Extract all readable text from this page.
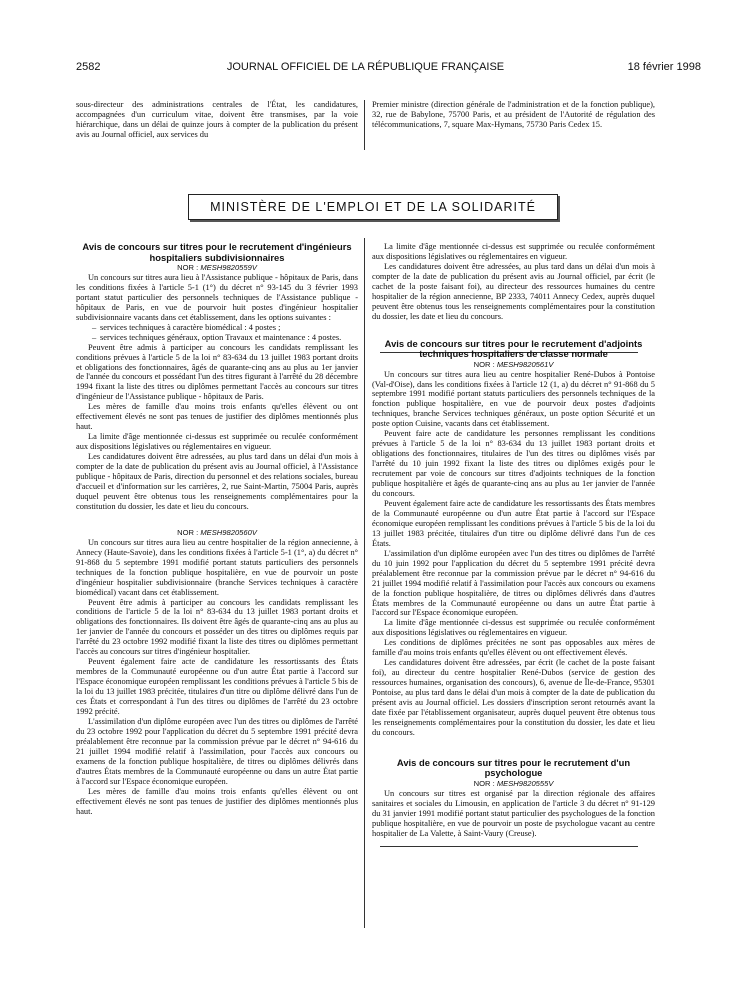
2582	JOURNAL OFFICIEL DE LA RÉPUBLIQUE FRANÇAISE	18 février 1998

sous-directeur des administrations centrales de l'État, les candidatures, accompagnées d'un curriculum vitae, doivent être transmises, par la voie hiérarchique, dans un délai de quinze jours à compter de la publication du présent avis au Journal officiel, aux services du

Premier ministre (direction générale de l'administration et de la fonction publique), 32, rue de Babylone, 75700 Paris, et au président de l'Autorité de régulation des télécommunications, 7, square Max-Hymans, 75730 Paris Cedex 15.

MINISTÈRE DE L'EMPLOI ET DE LA SOLIDARITÉ

Avis de concours sur titres pour le recrutement d'ingénieurs hospitaliers subdivisionnaires

NOR : MESH9820559V

Un concours sur titres aura lieu à l'Assistance publique - hôpitaux de Paris, dans les conditions fixées à l'article 5-1 (1°) du décret n° 93-145 du 3 février 1993 portant statut particulier des personnels techniques de l'Assistance publique - hôpitaux de Paris, en vue de pourvoir huit postes d'ingénieur hospitalier subdivisionnaire vacants dans cet établissement, dans les options suivantes :

– services techniques à caractère biomédical : 4 postes ;

– services techniques généraux, option Travaux et maintenance : 4 postes.

Peuvent être admis à participer au concours les candidats remplissant les conditions prévues à l'article 5 de la loi n° 83-634 du 13 juillet 1983 portant droits et obligations des fonctionnaires, âgés de quarante-cinq ans au plus au 1er janvier de l'année du concours et possédant l'un des titres figurant à l'arrêté du 28 décembre 1994 fixant la liste des titres ou diplômes permettant l'accès au concours sur titres d'ingénieur de l'Assistance publique - hôpitaux de Paris.

Les mères de famille d'au moins trois enfants qu'elles élèvent ou ont effectivement élevés ne sont pas tenues de justifier des diplômes mentionnés plus haut.

La limite d'âge mentionnée ci-dessus est supprimée ou reculée conformément aux dispositions législatives ou réglementaires en vigueur.

Les candidatures doivent être adressées, au plus tard dans un délai d'un mois à compter de la date de publication du présent avis au Journal officiel, à l'Assistance publique - hôpitaux de Paris, direction du personnel et des relations sociales, bureau d'accueil et d'information sur les carrières, 2, rue Saint-Martin, 75004 Paris, auprès duquel peuvent être obtenus tous les renseignements complémentaires pour la constitution du dossier, les date et lieu du concours.

NOR : MESH9820560V

Un concours sur titres aura lieu au centre hospitalier de la région annecienne, à Annecy (Haute-Savoie), dans les conditions fixées à l'article 5-1 (1°, a) du décret n° 91-868 du 5 septembre 1991 modifié portant statuts particuliers des personnels techniques de la fonction publique hospitalière, en vue de pourvoir un poste d'ingénieur hospitalier subdivisionnaire (branche Services techniques à caractère biomédical) vacant dans cet établissement.

Peuvent être admis à participer au concours les candidats remplissant les conditions de l'article 5 de la loi n° 83-634 du 13 juillet 1983 portant droits et obligations des fonctionnaires. Ils doivent être âgés de quarante-cinq ans au plus au 1er janvier de l'année du concours et posséder un des titres ou diplômes requis par l'arrêté du 23 octobre 1992 modifié fixant la liste des titres ou diplômes permettant l'accès au concours sur titres d'ingénieur hospitalier.

Peuvent également faire acte de candidature les ressortissants des États membres de la Communauté européenne ou d'un autre État partie à l'accord sur l'Espace économique européen remplissant les conditions prévues à l'article 5 bis de la loi du 13 juillet 1983 précitée, titulaires d'un titre ou diplôme délivré dans l'un de ces États et correspondant à l'un des titres ou diplômes de l'arrêté du 23 octobre 1992 précité.

L'assimilation d'un diplôme européen avec l'un des titres ou diplômes de l'arrêté du 23 octobre 1992 pour l'application du décret du 5 septembre 1991 précité devra préalablement être reconnue par la commission prévue par le décret n° 94-616 du 21 juillet 1994 modifié relatif à l'assimilation, pour l'accès aux concours ou examens de la fonction publique hospitalière, de titres ou diplômes délivrés dans d'autres États membres de la Communauté européenne ou dans un autre État partie à l'accord sur l'Espace économique européen.

Les mères de famille d'au moins trois enfants qu'elles élèvent ou ont effectivement élevés ne sont pas tenues de justifier des diplômes mentionnés plus haut.

La limite d'âge mentionnée ci-dessus est supprimée ou reculée conformément aux dispositions législatives ou réglementaires en vigueur.

Les candidatures doivent être adressées, au plus tard dans un délai d'un mois à compter de la date de publication du présent avis au Journal officiel, par écrit (le cachet de la poste faisant foi), au directeur des ressources humaines du centre hospitalier de la région annecienne, BP 2333, 74011 Annecy Cedex, auprès duquel peuvent être obtenus tous les renseignements complémentaires pour la constitution du dossier, les date et lieu du concours.

Avis de concours sur titres pour le recrutement d'adjoints techniques hospitaliers de classe normale

NOR : MESH9820561V

Un concours sur titres aura lieu au centre hospitalier René-Dubos à Pontoise (Val-d'Oise), dans les conditions fixées à l'article 12 (1, a) du décret n° 91-868 du 5 septembre 1991 modifié portant statuts particuliers des personnels techniques de la fonction publique hospitalière, en vue de pourvoir deux postes d'adjoints techniques, branche Services techniques généraux, un poste option Sécurité et un poste option Cuisine, vacants dans cet établissement.

Peuvent faire acte de candidature les personnes remplissant les conditions prévues à l'article 5 de la loi n° 83-634 du 13 juillet 1983 portant droits et obligations des fonctionnaires, titulaires de l'un des titres ou diplômes visés par l'arrêté du 10 juin 1992 fixant la liste des titres ou diplômes exigés pour le recrutement par voie de concours sur titres d'adjoints techniques de la fonction publique hospitalière et âgés de quarante-cinq ans au plus au 1er janvier de l'année du concours.

Peuvent également faire acte de candidature les ressortissants des États membres de la Communauté européenne ou d'un autre État partie à l'accord sur l'Espace économique européen remplissant les conditions prévues à l'article 5 bis de la loi du 13 juillet 1983 précitée, titulaires d'un titre ou diplôme délivré dans l'un de ces États.

L'assimilation d'un diplôme européen avec l'un des titres ou diplômes de l'arrêté du 10 juin 1992 pour l'application du décret du 5 septembre 1991 précité devra préalablement être reconnue par la commission prévue par le décret n° 94-616 du 21 juillet 1994 modifié relatif à l'assimilation pour l'accès aux concours ou examens de la fonction publique hospitalière, de titres ou diplômes délivrés dans d'autres États membres de la Communauté européenne ou dans un autre État partie à l'accord sur l'Espace économique européen.

La limite d'âge mentionnée ci-dessus est supprimée ou reculée conformément aux dispositions législatives ou réglementaires en vigueur.

Les conditions de diplômes précitées ne sont pas opposables aux mères de famille d'au moins trois enfants qu'elles élèvent ou ont effectivement élevés.

Les candidatures doivent être adressées, par écrit (le cachet de la poste faisant foi), au directeur du centre hospitalier René-Dubos (service de gestion des ressources humaines, organisation des concours), 6, avenue de Île-de-France, 95301 Pontoise, au plus tard dans le délai d'un mois à compter de la date de publication du présent avis au Journal officiel. Les dossiers d'inscription seront retournés avant la date fixée par l'établissement organisateur, auprès duquel peuvent être obtenus tous les renseignements complémentaires pour la constitution du dossier, les date et lieu du concours.

Avis de concours sur titres pour le recrutement d'un psychologue

NOR : MESH9820555V

Un concours sur titres est organisé par la direction régionale des affaires sanitaires et sociales du Limousin, en application de l'article 3 du décret n° 91-129 du 31 janvier 1991 modifié portant statut particulier des psychologues de la fonction publique hospitalière, en vue de pourvoir un poste de psychologue vacant au centre hospitalier de La Valette, à Saint-Vaury (Creuse).
